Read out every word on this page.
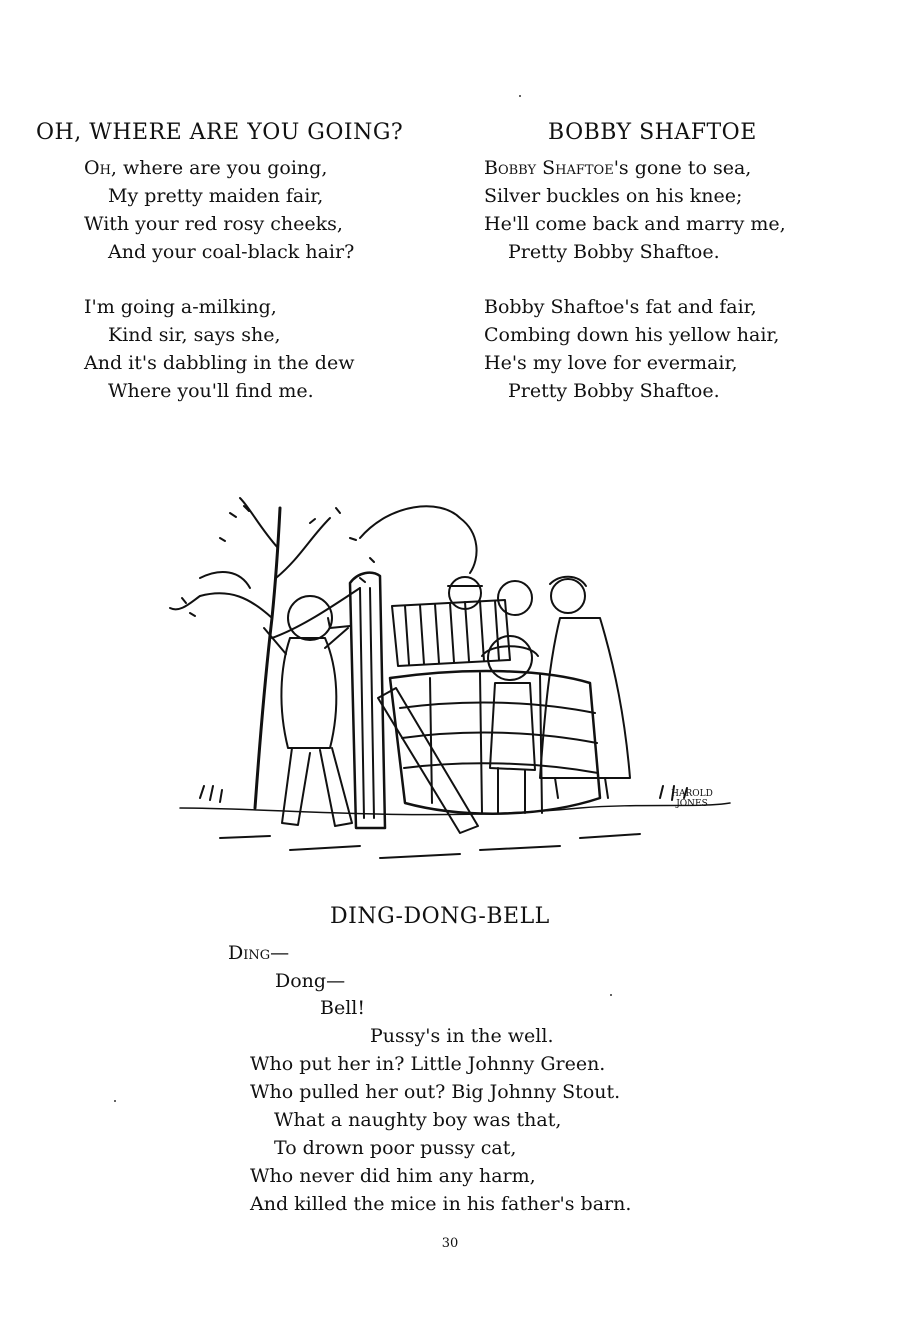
OH, WHERE ARE YOU GOING?
Oh, where are you going,
My pretty maiden fair,
With your red rosy cheeks,
And your coal-black hair?
I'm going a-milking,
Kind sir, says she,
And it's dabbling in the dew
Where you'll find me.
BOBBY SHAFTOE
Bobby Shaftoe's gone to sea,
Silver buckles on his knee;
He'll come back and marry me,
Pretty Bobby Shaftoe.
Bobby Shaftoe's fat and fair,
Combing down his yellow hair,
He's my love for evermair,
Pretty Bobby Shaftoe.
HAROLD JONES
DING-DONG-BELL
Ding—
Dong—
Bell!
Pussy's in the well.
Who put her in? Little Johnny Green.
Who pulled her out? Big Johnny Stout.
What a naughty boy was that,
To drown poor pussy cat,
Who never did him any harm,
And killed the mice in his father's barn.
30
